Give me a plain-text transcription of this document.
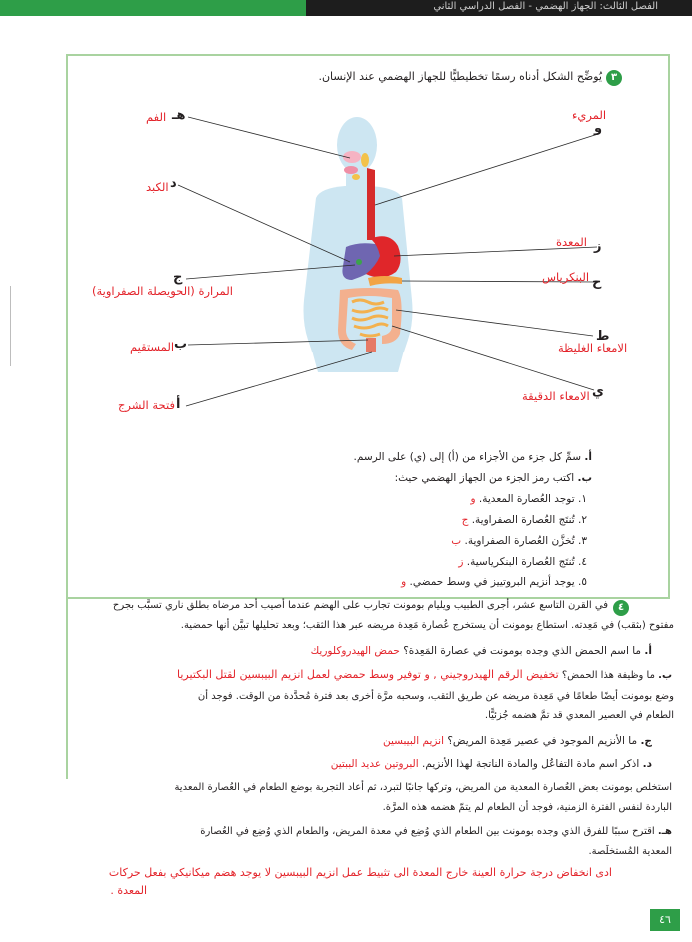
الفصل الثالث: الجهاز الهضمي - الفصل الدراسي الثاني
٣
يُوضِّح الشكل أدناه رسمًا تخطيطيًّا للجهاز الهضمي عند الإنسان.
هـ
د
ج
ب
أ
و
ز
ح
ط
ي
الفم
الكبد
المرارة (الحويصلة الصفراوية)
المستقيم
فتحة الشرج
المريء
المعدة
البنكرياس
الامعاء الغليظة
الامعاء الدقيقة
أ. سمِّ كل جزء من الأجزاء من (أ) إلى (ي) على الرسم.
ب. اكتب رمز الجزء من الجهاز الهضمي حيث:
١. توجد العُصارة المعدية. و
٢. تُنتَج العُصارة الصفراوية. ج
٣. تُخزَّن العُصارة الصفراوية. ب
٤. تُنتَج العُصارة البنكرياسية. ز
٥. يوجد أنزيم البروتييز في وسط حمضي. و
٤
في القرن التاسع عشر، أجرى الطبيب ويليام بومونت تجارب على الهضم عندما أصيب أحد مرضاه بطلق ناري تسبَّب بجرح
مفتوح (بثقب) في مَعِدته. استطاع بومونت أن يستخرج عُصارة مَعِدة مريضه عبر هذا الثقب؛ وبعد تحليلها تبيَّن أنها حمضية.
أ. ما اسم الحمض الذي وجده بومونت في عصارة المَعِدة؟ حمض الهيدروكلوريك
ب. ما وظيفة هذا الحمض؟ تخفيض الرقم الهيدروجيني , و توفير وسط حمضي لعمل انزيم البيبسين لقتل البكتيريا
وضع بومونت أيضًا طعامًا في مَعِدة مريضه عن طريق الثقب، وسحبه مرَّة أخرى بعد فترة مُحدَّدة من الوقت. فوجد أن
الطعام في العصير المعدي قد تمَّ هضمه جُزئيًّا.
ج. ما الأنزيم الموجود في عصير مَعِدة المريض؟ انزيم البيبسين
د. اذكر اسم مادة التفاعُل والمادة الناتجة لهذا الأنزيم. البروتين عديد الببتين
استخلص بومونت بعض العُصارة المعدية من المريض، وتركها جانبًا لتبرد، ثم أعاد التجربة بوضع الطعام في العُصارة المعدية
الباردة لنفس الفترة الزمنية، فوجد أن الطعام لم يتمّ هضمه هذه المرَّة.
هـ. اقترح سببًا للفرق الذي وجده بومونت بين الطعام الذي وُضِع في معدة المريض، والطعام الذي وُضِع في العُصارة
المعدية المُستخلَصة.
ادى انخفاض درجة حرارة العينة خارج المعدة الى تثبيط عمل انزيم البيبسين لا يوجد هضم ميكانيكي بفعل حركات
المعدة .
٤٦
